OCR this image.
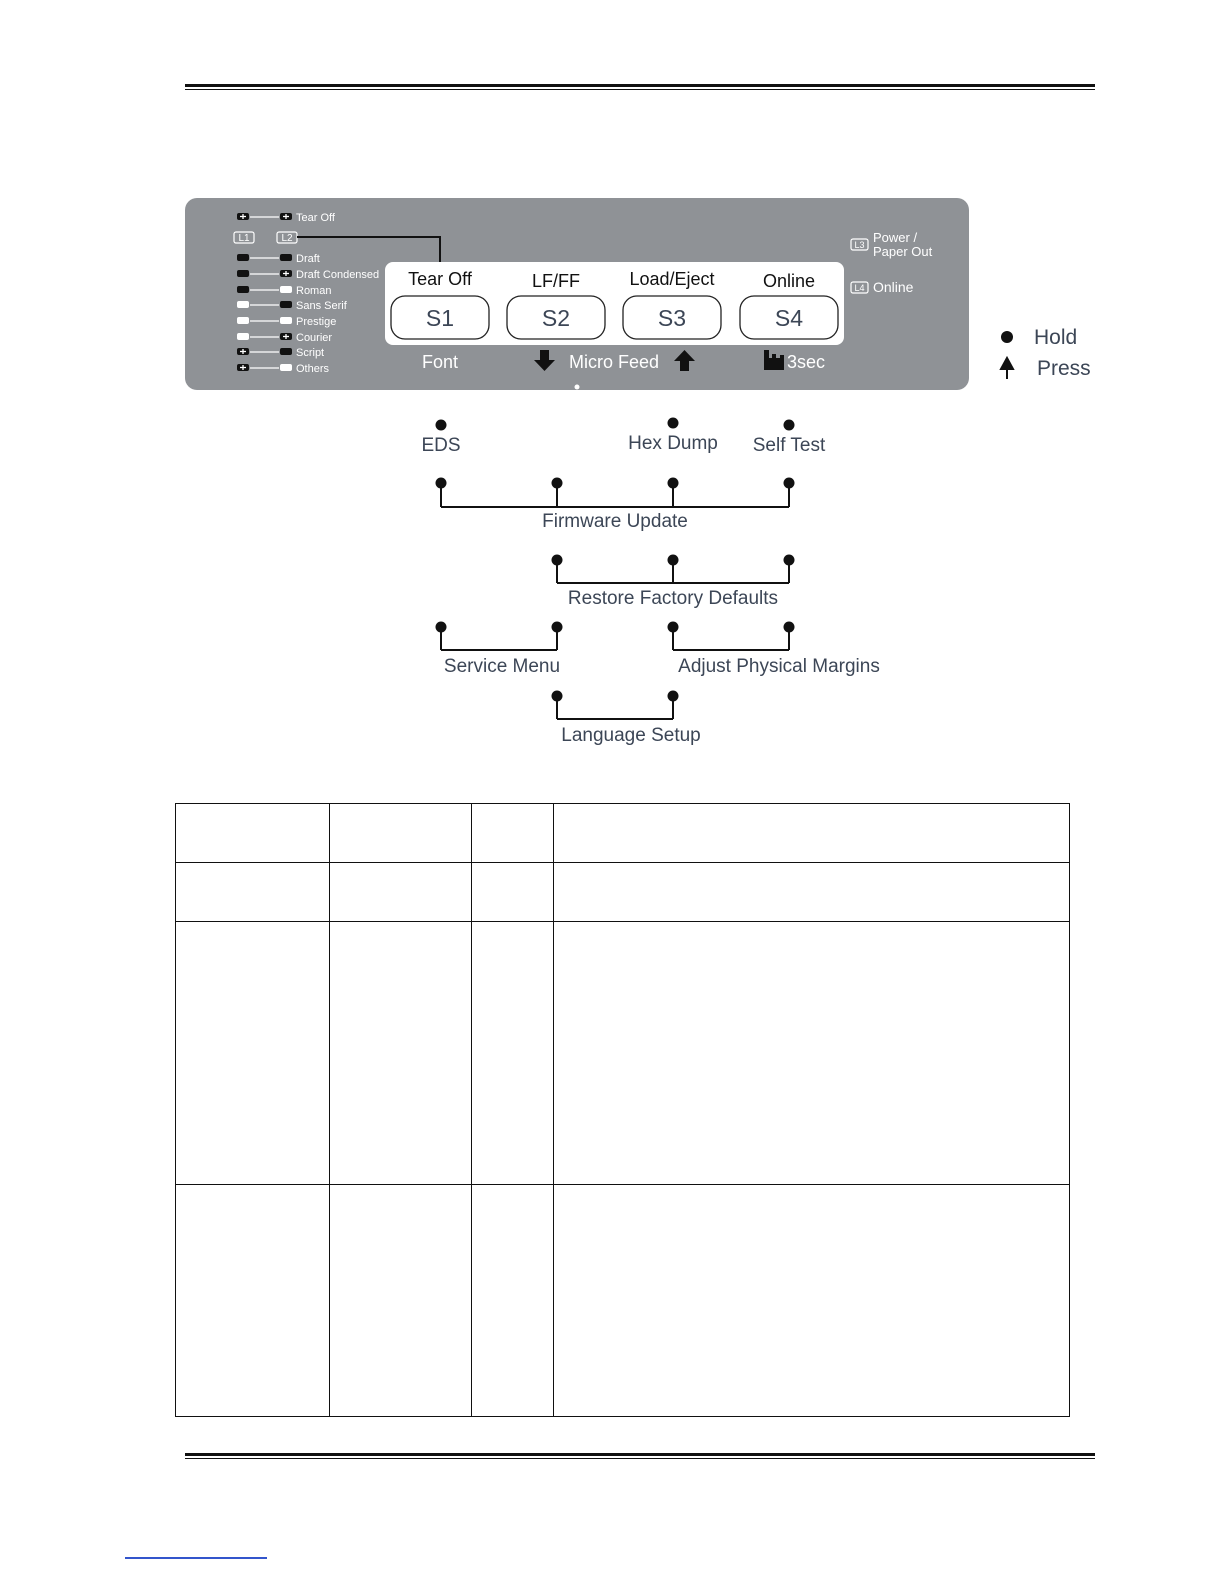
Tear Off
Draft
Draft Condensed
Roman
Sans Serif
Prestige
Courier
Script
Others
L1	L2
Tear Off
S1
LF/FF
S2
Load/Eject
S3
Online
S4
Font	Micro Feed	3sec
L3 Power /
Paper Out
L4 Online
Hold
Press
EDS	Hex Dump Self Test
Firmware Update
Restore Factory Defaults
Service Menu	Adjust Physical Margins
Language Setup
